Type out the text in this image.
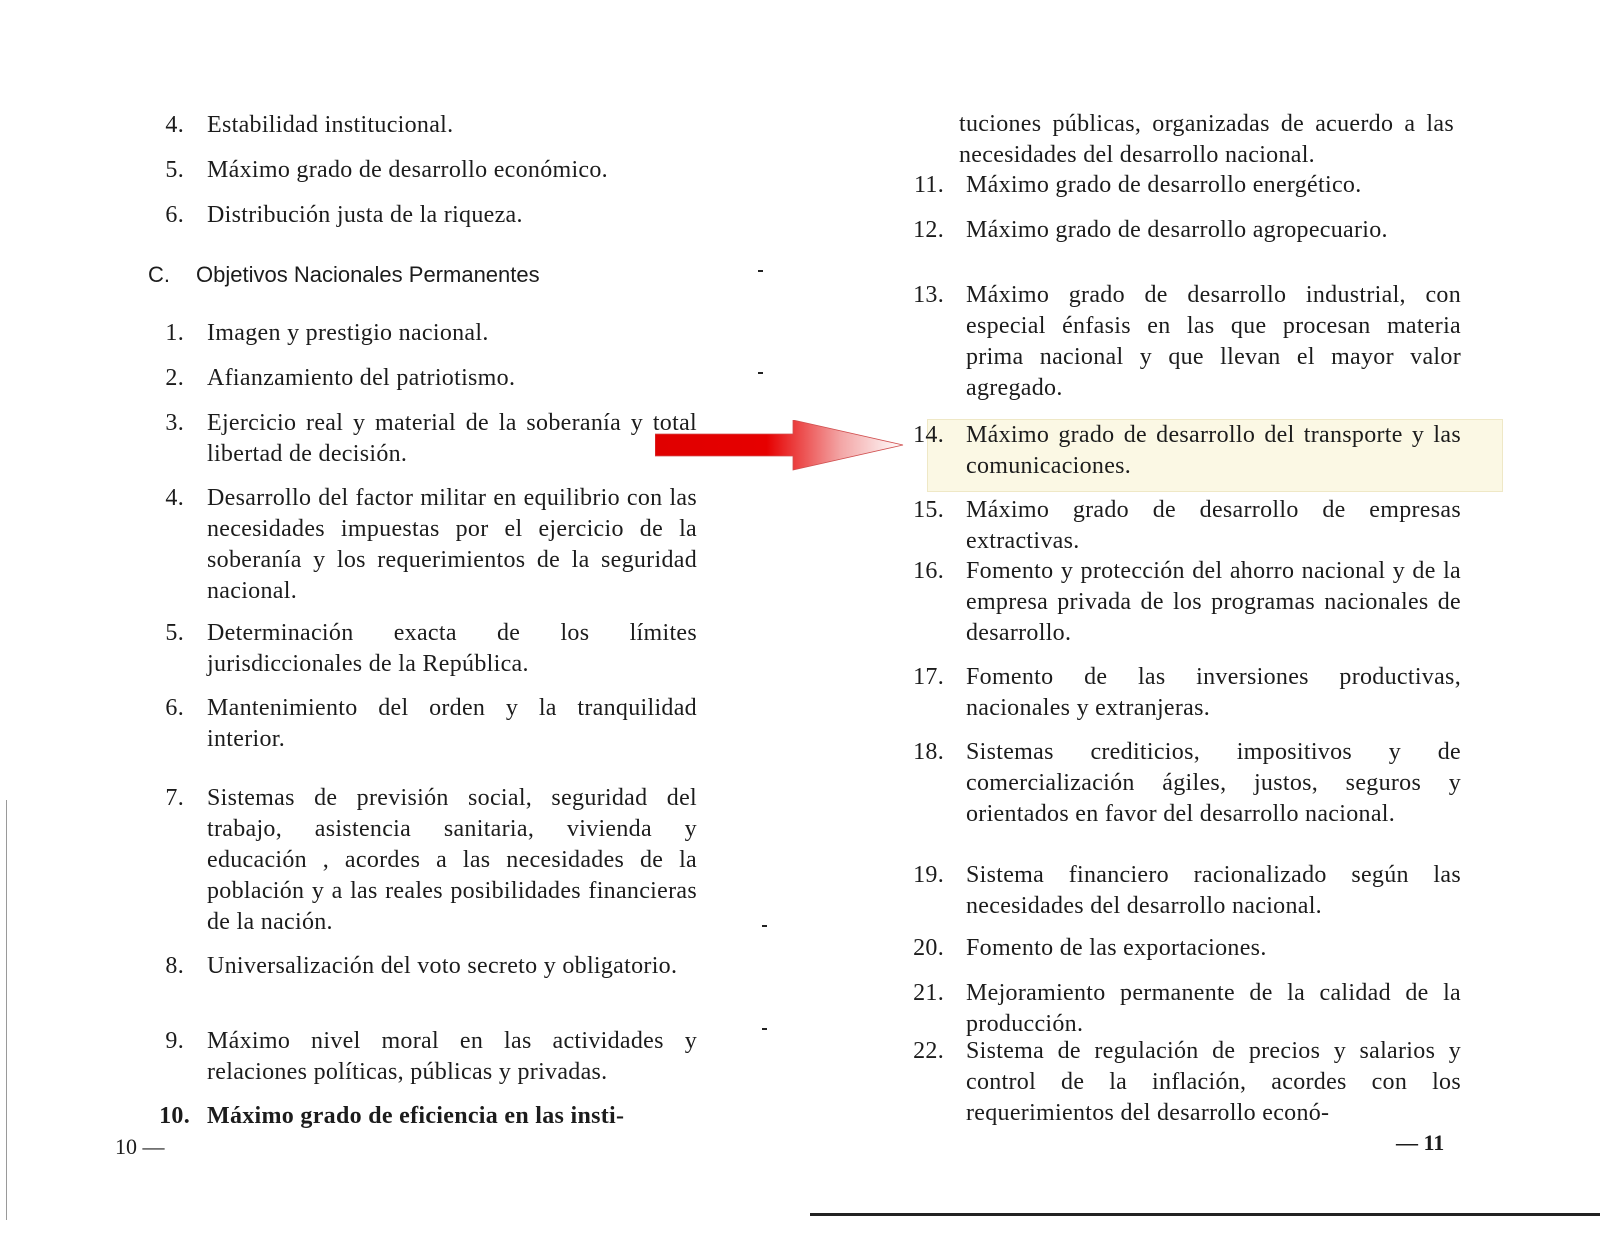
4. Estabilidad institucional.
5. Máximo grado de desarrollo económico.
6. Distribución justa de la riqueza.
C. Objetivos Nacionales Permanentes
1. Imagen y prestigio nacional.
2. Afianzamiento del patriotismo.
3. Ejercicio real y material de la soberanía y total libertad de decisión.
4. Desarrollo del factor militar en equilibrio con las necesidades impuestas por el ejercicio de la soberanía y los requerimientos de la seguridad nacional.
5. Determinación exacta de los límites jurisdiccionales de la República.
6. Mantenimiento del orden y la tranquilidad interior.
7. Sistemas de previsión social, seguridad del trabajo, asistencia sanitaria, vivienda y educación , acordes a las necesidades de la población y a las reales posibilidades financieras de la nación.
8. Universalización del voto secreto y obligatorio.
9. Máximo nivel moral en las actividades y relaciones políticas, públicas y privadas.
10. Máximo grado de eficiencia en las insti-
10 —
tuciones públicas, organizadas de acuerdo a las necesidades del desarrollo nacional.
11. Máximo grado de desarrollo energético.
12. Máximo grado de desarrollo agropecuario.
13. Máximo grado de desarrollo industrial, con especial énfasis en las que procesan materia prima nacional y que llevan el mayor valor agregado.
14. Máximo grado de desarrollo del transporte y las comunicaciones.
15. Máximo grado de desarrollo de empresas extractivas.
16. Fomento y protección del ahorro nacional y de la empresa privada de los programas nacionales de desarrollo.
17. Fomento de las inversiones productivas, nacionales y extranjeras.
18. Sistemas crediticios, impositivos y de comercialización ágiles, justos, seguros y orientados en favor del desarrollo nacional.
19. Sistema financiero racionalizado según las necesidades del desarrollo nacional.
20. Fomento de las exportaciones.
21. Mejoramiento permanente de la calidad de la producción.
22. Sistema de regulación de precios y salarios y control de la inflación, acordes con los requerimientos del desarrollo econó-
— 11
